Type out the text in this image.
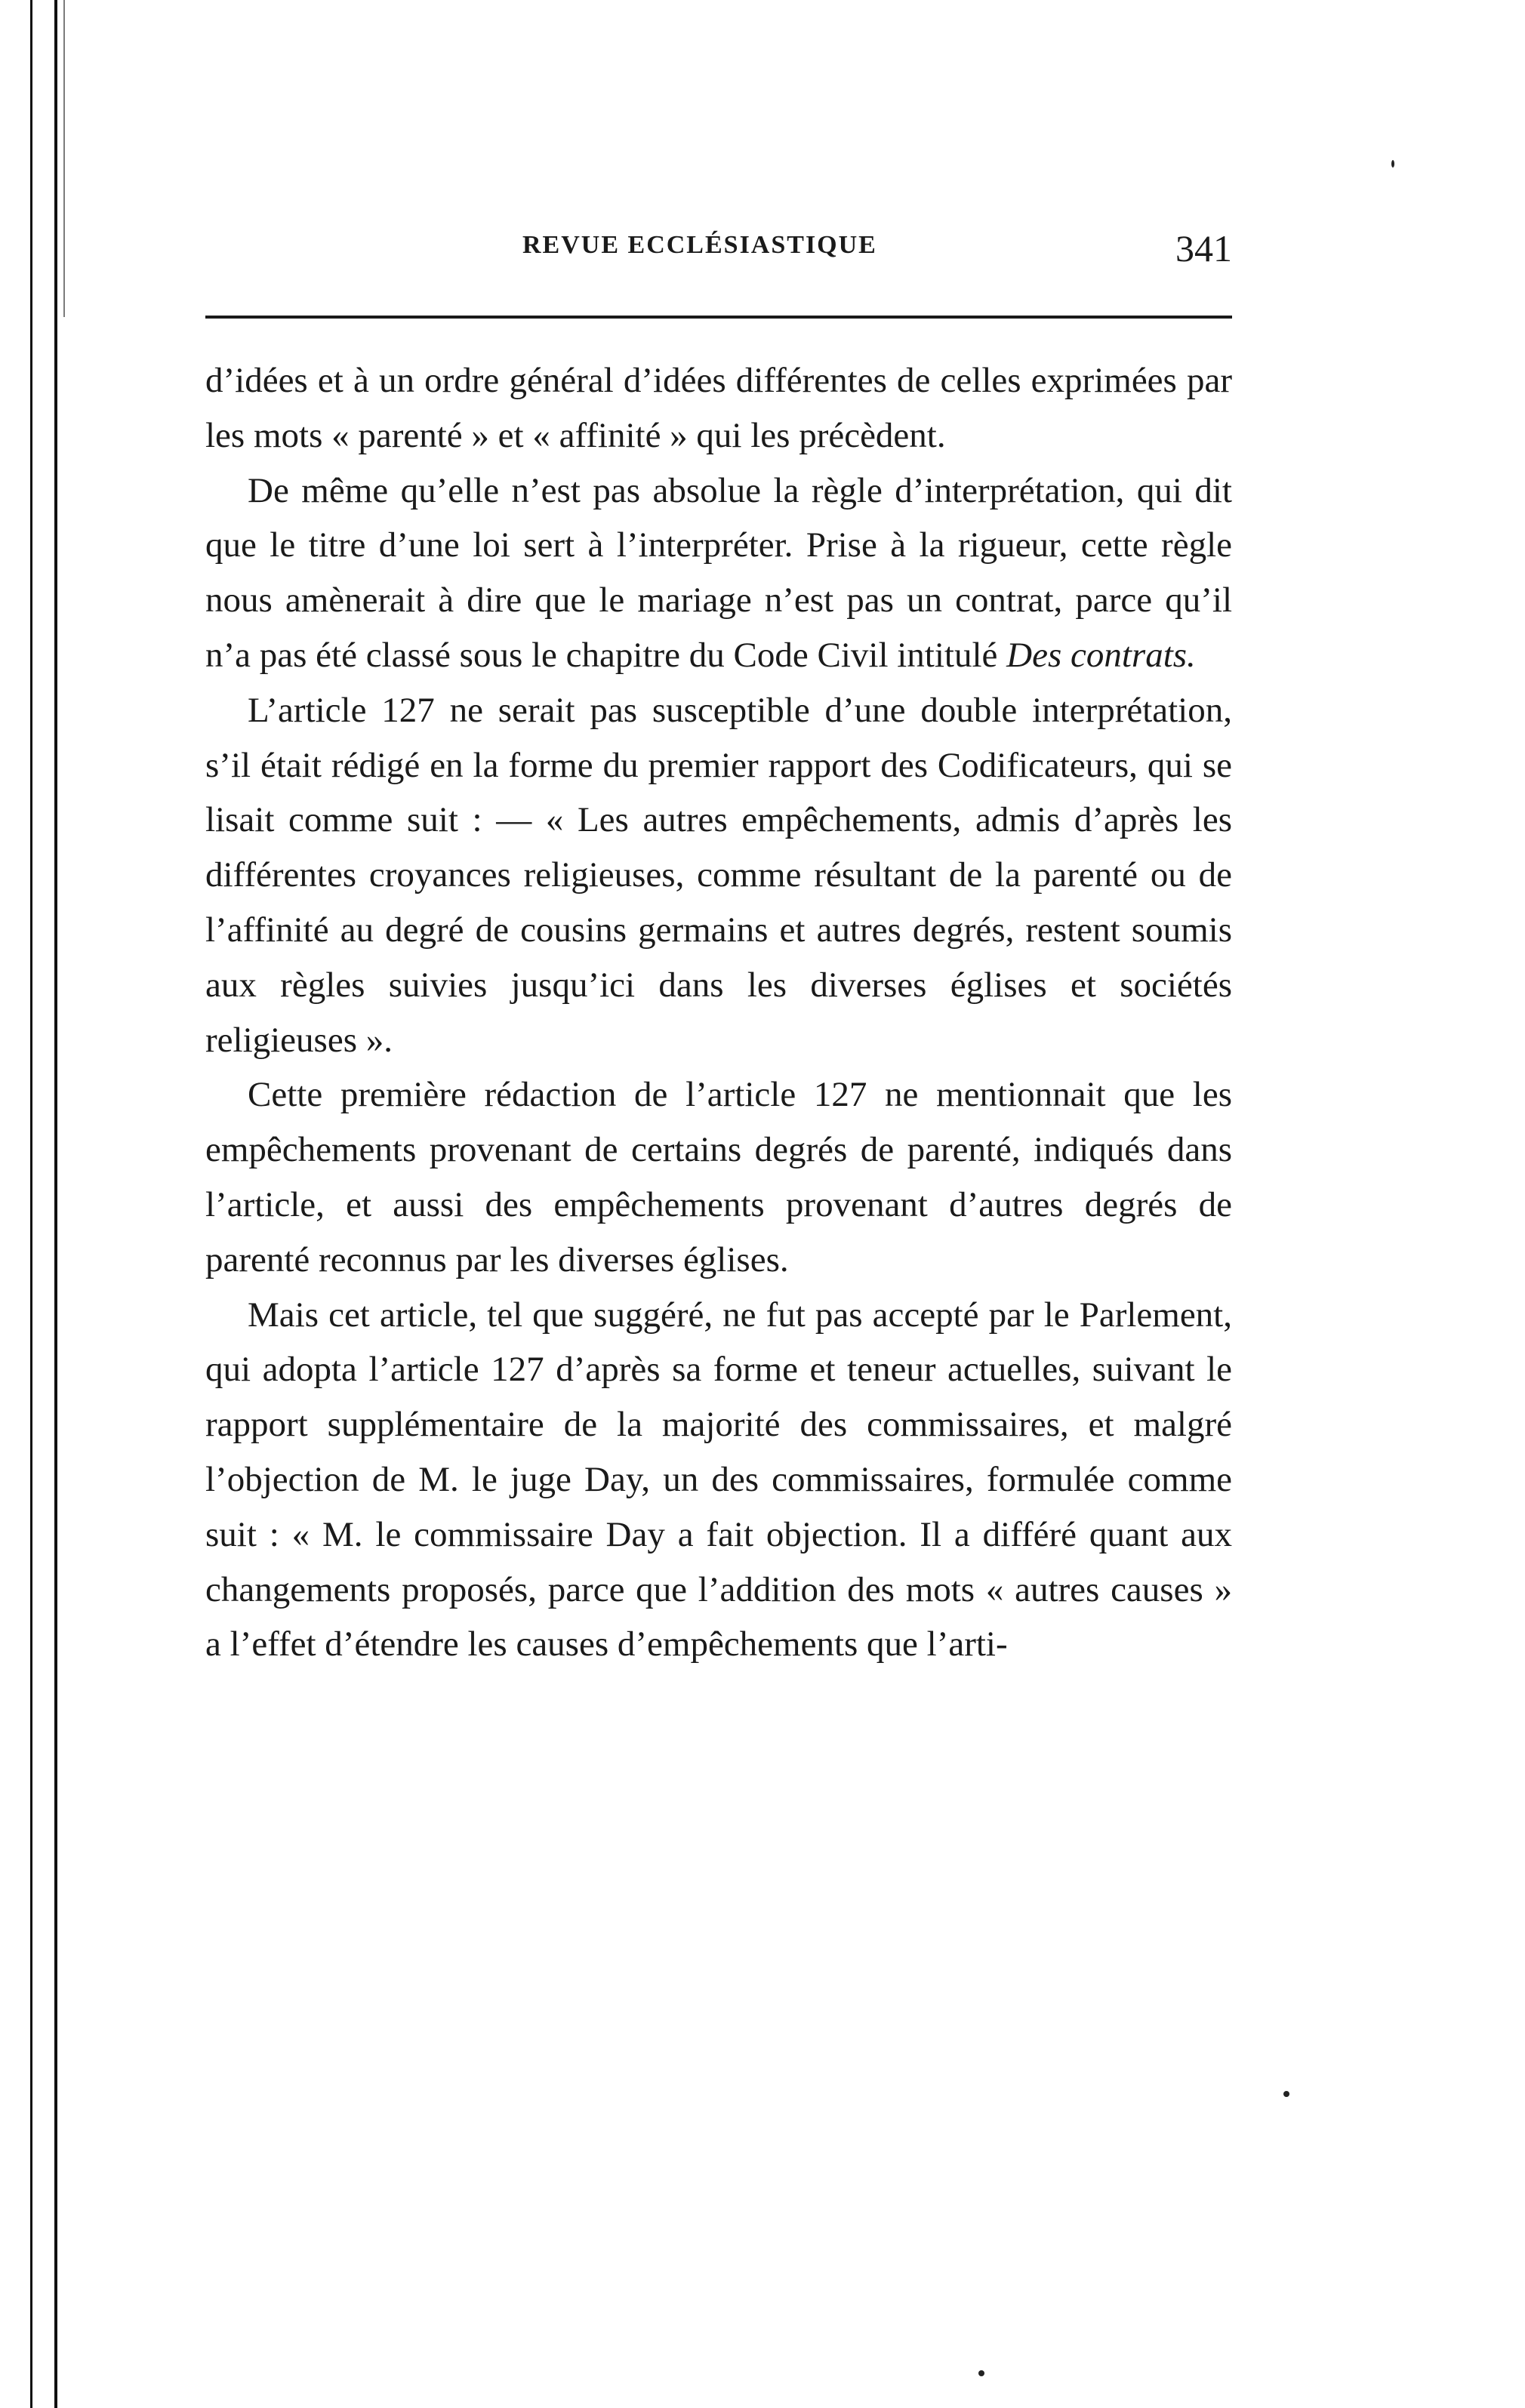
REVUE ECCLÉSIASTIQUE	341

d’idées et à un ordre général d’idées différentes de celles exprimées par les mots « parenté » et « affinité » qui les précèdent.

De même qu’elle n’est pas absolue la règle d’interprétation, qui dit que le titre d’une loi sert à l’interpréter. Prise à la rigueur, cette règle nous amènerait à dire que le mariage n’est pas un contrat, parce qu’il n’a pas été classé sous le chapitre du Code Civil intitulé Des contrats.

L’article 127 ne serait pas susceptible d’une double interprétation, s’il était rédigé en la forme du premier rapport des Codificateurs, qui se lisait comme suit : — « Les autres empêchements, admis d’après les différentes croyances religieuses, comme résultant de la parenté ou de l’affinité au degré de cousins germains et autres degrés, restent soumis aux règles suivies jusqu’ici dans les diverses églises et sociétés religieuses ».

Cette première rédaction de l’article 127 ne mentionnait que les empêchements provenant de certains degrés de parenté, indiqués dans l’article, et aussi des empêchements provenant d’autres degrés de parenté reconnus par les diverses églises.

Mais cet article, tel que suggéré, ne fut pas accepté par le Parlement, qui adopta l’article 127 d’après sa forme et teneur actuelles, suivant le rapport supplémentaire de la majorité des commissaires, et malgré l’objection de M. le juge Day, un des commissaires, formulée comme suit : « M. le commissaire Day a fait objection. Il a différé quant aux changements proposés, parce que l’addition des mots « autres causes » a l’effet d’étendre les causes d’empêchements que l’arti-
